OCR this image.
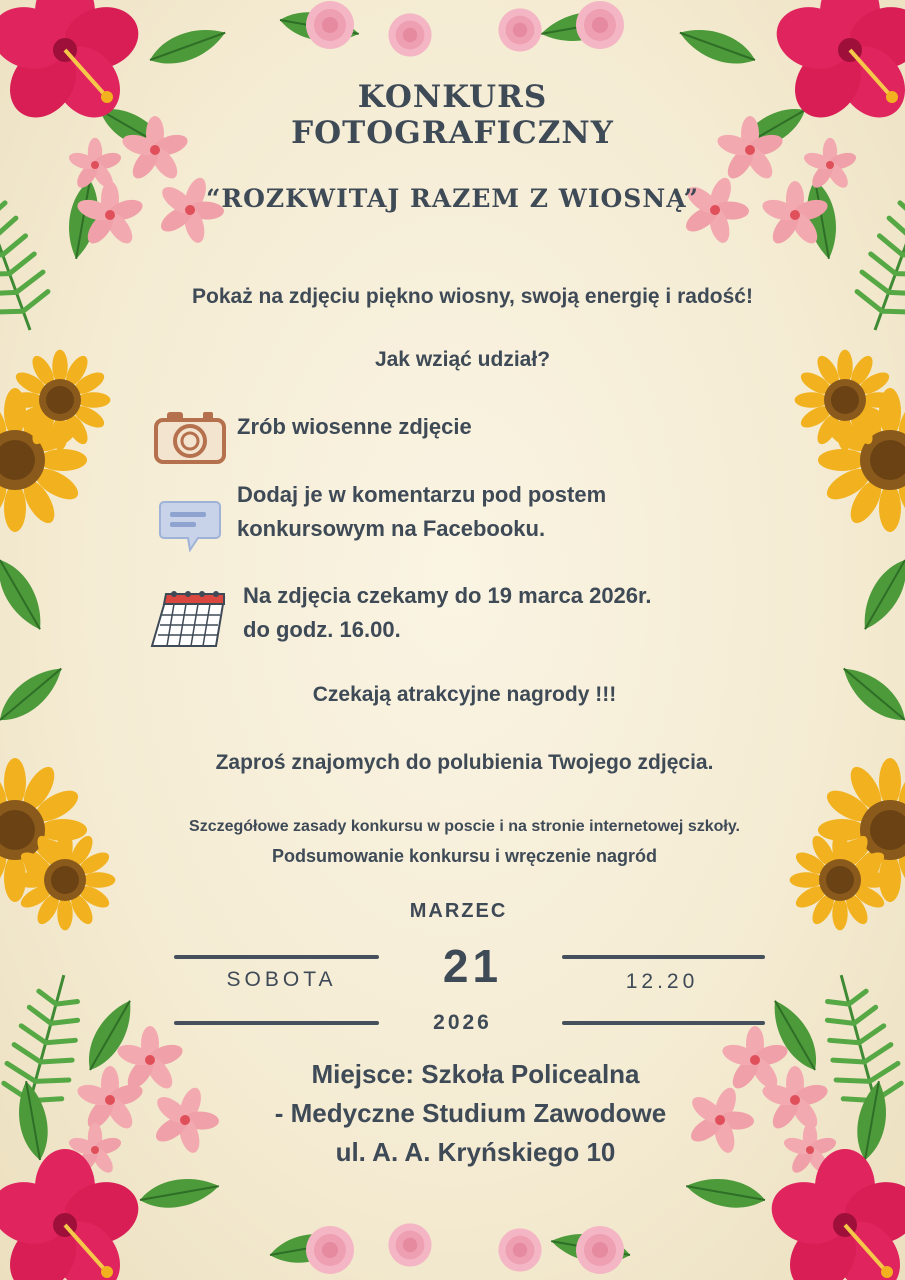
KONKURS
FOTOGRAFICZNY
“ROZKWITAJ RAZEM Z WIOSNĄ”
Pokaż na zdjęciu piękno wiosny, swoją energię i radość!
Jak wziąć udział?
Zrób wiosenne zdjęcie
Dodaj je w komentarzu pod postem
konkursowym na Facebooku.
Na zdjęcia czekamy do 19 marca 2026r.
do godz. 16.00.
Czekają atrakcyjne nagrody !!!
Zaproś znajomych do polubienia Twojego zdjęcia.
Szczegółowe zasady konkursu w poscie i na stronie internetowej szkoły.
Podsumowanie konkursu i wręczenie nagród
MARZEC
21
SOBOTA	12.20
2026
Miejsce: Szkoła Policealna
- Medyczne Studium Zawodowe
ul. A. A. Kryńskiego 10
